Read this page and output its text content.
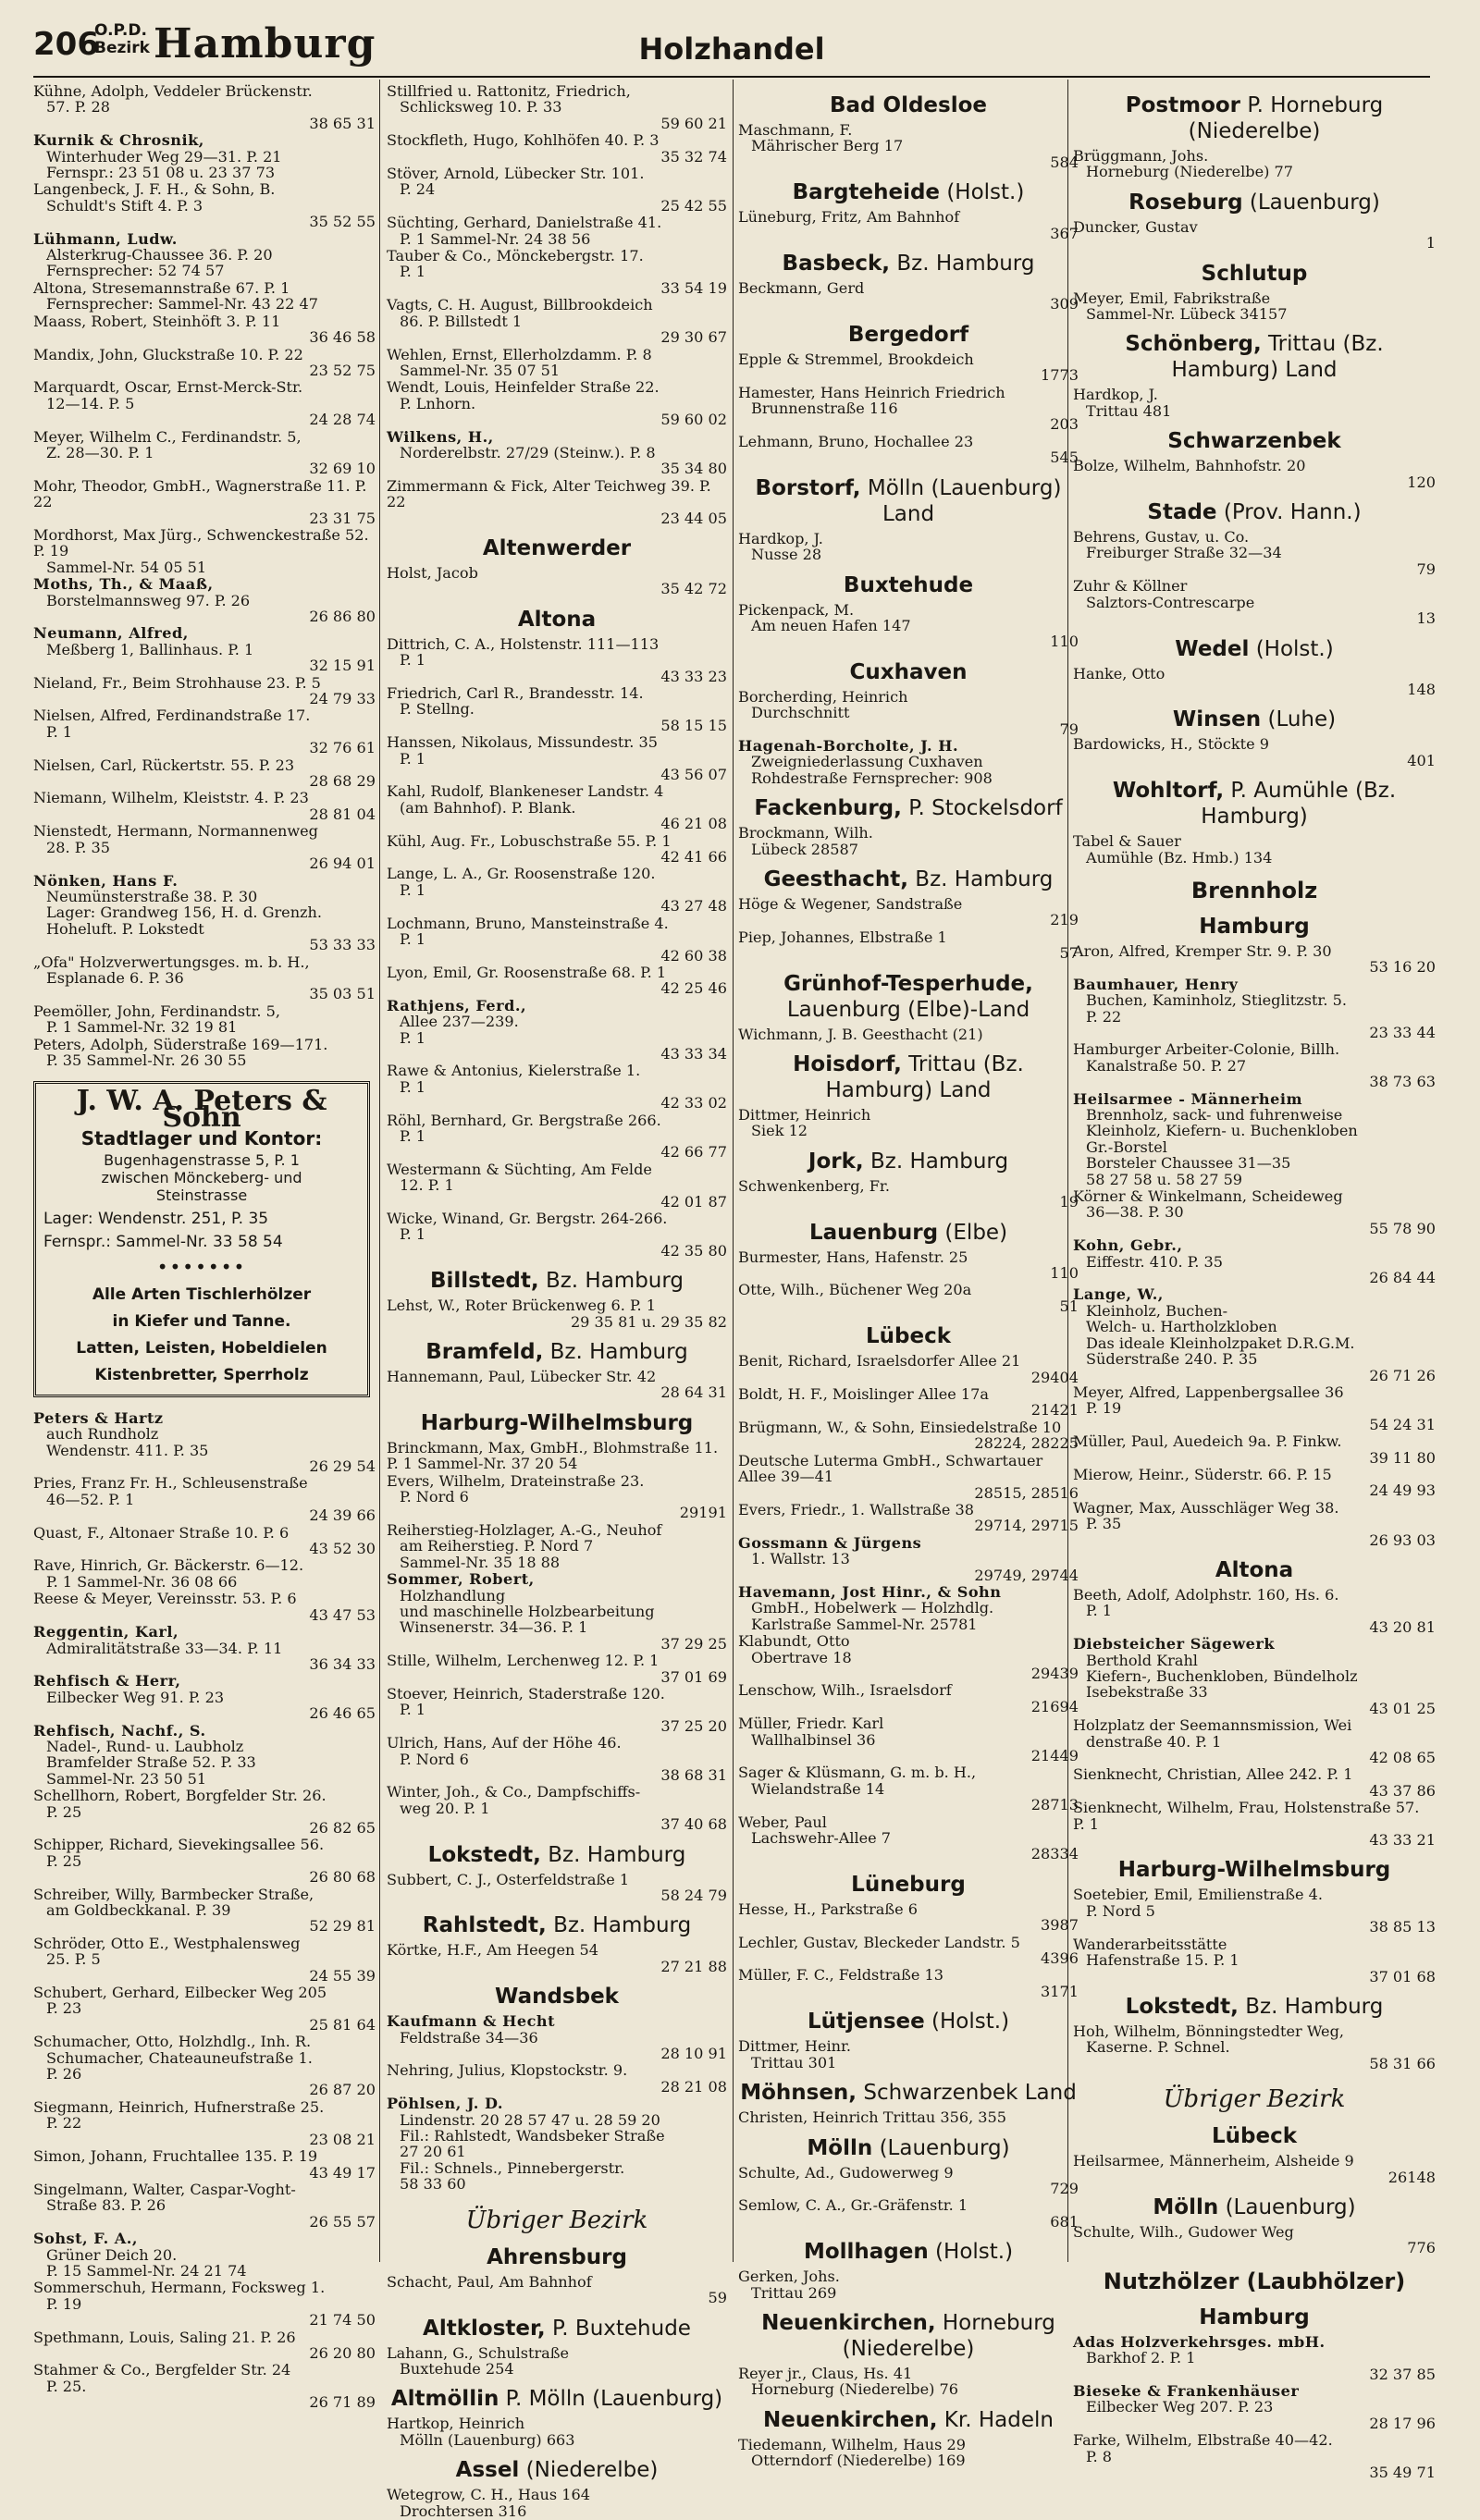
206
O.P.D.
Bezirk Hamburg	Holzhandel
Kühne, Adolph, Veddeler Brückenstr.
57. P. 28
38 65 31
Kurnik & Chrosnik,
Winterhuder Weg 29—31. P. 21
Fernspr.: 23 51 08 u. 23 37 73
Langenbeck, J. F. H., & Sohn, B.
Schuldt's Stift 4. P. 3
35 52 55
Lühmann, Ludw.
Alsterkrug-Chaussee 36. P. 20
Fernsprecher: 52 74 57
Altona, Stresemannstraße 67. P. 1
Fernsprecher: Sammel-Nr. 43 22 47
Maass, Robert, Steinhöft 3. P. 11
36 46 58
Mandix, John, Gluckstraße 10. P. 22
23 52 75
Marquardt, Oscar, Ernst-Merck-Str.
12—14. P. 5
24 28 74
Meyer, Wilhelm C., Ferdinandstr. 5,
Z. 28—30. P. 1
32 69 10
Mohr, Theodor, GmbH., Wagnerstraße 11. P. 22
23 31 75
Mordhorst, Max Jürg., Schwenckestraße 52. P. 19
Sammel-Nr. 54 05 51
Moths, Th., & Maaß,
Borstelmannsweg 97. P. 26
26 86 80
Neumann, Alfred,
Meßberg 1, Ballinhaus. P. 1
32 15 91
Nieland, Fr., Beim Strohhause 23. P. 5
24 79 33
Nielsen, Alfred, Ferdinandstraße 17.
P. 1
32 76 61
Nielsen, Carl, Rückertstr. 55. P. 23
28 68 29
Niemann, Wilhelm, Kleiststr. 4. P. 23
28 81 04
Nienstedt, Hermann, Normannenweg
28. P. 35
26 94 01
Nönken, Hans F.
Neumünsterstraße 38. P. 30
Lager: Grandweg 156, H. d. Grenzh.
Hoheluft. P. Lokstedt
53 33 33
„Ofa" Holzverwertungsges. m. b. H.,
Esplanade 6. P. 36
35 03 51
Peemöller, John, Ferdinandstr. 5,
P. 1 Sammel-Nr. 32 19 81
Peters, Adolph, Süderstraße 169—171.
P. 35 Sammel-Nr. 26 30 55
J. W. A. Peters & Sohn
Stadtlager und Kontor:
Bugenhagenstrasse 5, P. 1
zwischen Mönckeberg- und
Steinstrasse
Lager: Wendenstr. 251, P. 35
Fernspr.: Sammel-Nr. 33 58 54
•••••••
Alle Arten Tischlerhölzer
in Kiefer und Tanne.
Latten, Leisten, Hobeldielen
Kistenbretter, Sperrholz
Peters & Hartz
auch Rundholz
Wendenstr. 411. P. 35
26 29 54
Pries, Franz Fr. H., Schleusenstraße
46—52. P. 1
24 39 66
Quast, F., Altonaer Straße 10. P. 6
43 52 30
Rave, Hinrich, Gr. Bäckerstr. 6—12.
P. 1 Sammel-Nr. 36 08 66
Reese & Meyer, Vereinsstr. 53. P. 6
43 47 53
Reggentin, Karl,
Admiralitätstraße 33—34. P. 11
36 34 33
Rehfisch & Herr,
Eilbecker Weg 91. P. 23
26 46 65
Rehfisch, Nachf., S.
Nadel-, Rund- u. Laubholz
Bramfelder Straße 52. P. 33
Sammel-Nr. 23 50 51
Schellhorn, Robert, Borgfelder Str. 26.
P. 25
26 82 65
Schipper, Richard, Sievekingsallee 56.
P. 25
26 80 68
Schreiber, Willy, Barmbecker Straße,
am Goldbeckkanal. P. 39
52 29 81
Schröder, Otto E., Westphalensweg
25. P. 5
24 55 39
Schubert, Gerhard, Eilbecker Weg 205
P. 23
25 81 64
Schumacher, Otto, Holzhdlg., Inh. R.
Schumacher, Chateauneufstraße 1.
P. 26
26 87 20
Siegmann, Heinrich, Hufnerstraße 25.
P. 22
23 08 21
Simon, Johann, Fruchtallee 135. P. 19
43 49 17
Singelmann, Walter, Caspar-Voght-
Straße 83. P. 26
26 55 57
Sohst, F. A.,
Grüner Deich 20.
P. 15 Sammel-Nr. 24 21 74
Sommerschuh, Hermann, Focksweg 1.
P. 19
21 74 50
Spethmann, Louis, Saling 21. P. 26
26 20 80
Stahmer & Co., Bergfelder Str. 24
P. 25.
26 71 89
Stillfried u. Rattonitz, Friedrich,
Schlicksweg 10. P. 33
59 60 21
Stockfleth, Hugo, Kohlhöfen 40. P. 3
35 32 74
Stöver, Arnold, Lübecker Str. 101.
P. 24
25 42 55
Süchting, Gerhard, Danielstraße 41.
P. 1 Sammel-Nr. 24 38 56
Tauber & Co., Mönckebergstr. 17.
P. 1
33 54 19
Vagts, C. H. August, Billbrookdeich
86. P. Billstedt 1
29 30 67
Wehlen, Ernst, Ellerholzdamm. P. 8
Sammel-Nr. 35 07 51
Wendt, Louis, Heinfelder Straße 22.
P. Lnhorn.
59 60 02
Wilkens, H.,
Norderelbstr. 27/29 (Steinw.). P. 8
35 34 80
Zimmermann & Fick, Alter Teichweg 39. P. 22
23 44 05
Altenwerder
Holst, Jacob
35 42 72
Altona
Dittrich, C. A., Holstenstr. 111—113
P. 1
43 33 23
Friedrich, Carl R., Brandesstr. 14.
P. Stellng.
58 15 15
Hanssen, Nikolaus, Missundestr. 35
P. 1
43 56 07
Kahl, Rudolf, Blankeneser Landstr. 4
(am Bahnhof). P. Blank.
46 21 08
Kühl, Aug. Fr., Lobuschstraße 55. P. 1
42 41 66
Lange, L. A., Gr. Roosenstraße 120.
P. 1
43 27 48
Lochmann, Bruno, Mansteinstraße 4.
P. 1
42 60 38
Lyon, Emil, Gr. Roosenstraße 68. P. 1
42 25 46
Rathjens, Ferd.,
Allee 237—239.
P. 1
43 33 34
Rawe & Antonius, Kielerstraße 1.
P. 1
42 33 02
Röhl, Bernhard, Gr. Bergstraße 266.
P. 1
42 66 77
Westermann & Süchting, Am Felde
12. P. 1
42 01 87
Wicke, Winand, Gr. Bergstr. 264-266.
P. 1
42 35 80
Billstedt, Bz. Hamburg
Lehst, W., Roter Brückenweg 6. P. 1
29 35 81 u. 29 35 82
Bramfeld, Bz. Hamburg
Hannemann, Paul, Lübecker Str. 42
28 64 31
Harburg-Wilhelmsburg
Brinckmann, Max, GmbH., Blohmstraße 11. P. 1 Sammel-Nr. 37 20 54
Evers, Wilhelm, Drateinstraße 23.
P. Nord 6
29191
Reiherstieg-Holzlager, A.-G., Neuhof
am Reiherstieg. P. Nord 7
Sammel-Nr. 35 18 88
Sommer, Robert,
Holzhandlung
und maschinelle Holzbearbeitung
Winsenerstr. 34—36. P. 1
37 29 25
Stille, Wilhelm, Lerchenweg 12. P. 1
37 01 69
Stoever, Heinrich, Staderstraße 120.
P. 1
37 25 20
Ulrich, Hans, Auf der Höhe 46.
P. Nord 6
38 68 31
Winter, Joh., & Co., Dampfschiffs-
weg 20. P. 1
37 40 68
Lokstedt, Bz. Hamburg
Subbert, C. J., Osterfeldstraße 1
58 24 79
Rahlstedt, Bz. Hamburg
Körtke, H.F., Am Heegen 54
27 21 88
Wandsbek
Kaufmann & Hecht
Feldstraße 34—36
28 10 91
Nehring, Julius, Klopstockstr. 9.
28 21 08
Pöhlsen, J. D.
Lindenstr. 20 28 57 47 u. 28 59 20
Fil.: Rahlstedt, Wandsbeker Straße
27 20 61
Fil.: Schnels., Pinnebergerstr.
58 33 60
Übriger Bezirk
Ahrensburg
Schacht, Paul, Am Bahnhof
59
Altkloster, P. Buxtehude
Lahann, G., Schulstraße
Buxtehude 254
Altmöllin P. Mölln (Lauenburg)
Hartkop, Heinrich
Mölln (Lauenburg) 663
Assel (Niederelbe)
Wetegrow, C. H., Haus 164
Drochtersen 316
Bad Oldesloe
Maschmann, F.
Mährischer Berg 17
584
Bargteheide (Holst.)
Lüneburg, Fritz, Am Bahnhof
367
Basbeck, Bz. Hamburg
Beckmann, Gerd
309
Bergedorf
Epple & Stremmel, Brookdeich
1773
Hamester, Hans Heinrich Friedrich
Brunnenstraße 116
203
Lehmann, Bruno, Hochallee 23
545
Borstorf, Mölln (Lauenburg) Land
Hardkop, J.
Nusse 28
Buxtehude
Pickenpack, M.
Am neuen Hafen 147
110
Cuxhaven
Borcherding, Heinrich
Durchschnitt
79
Hagenah-Borcholte, J. H.
Zweigniederlassung Cuxhaven
Rohdestraße Fernsprecher: 908
Fackenburg, P. Stockelsdorf
Brockmann, Wilh.
Lübeck 28587
Geesthacht, Bz. Hamburg
Höge & Wegener, Sandstraße
219
Piep, Johannes, Elbstraße 1
57
Grünhof-Tesperhude, Lauenburg (Elbe)-Land
Wichmann, J. B. Geesthacht (21)
Hoisdorf, Trittau (Bz. Hamburg) Land
Dittmer, Heinrich
Siek 12
Jork, Bz. Hamburg
Schwenkenberg, Fr.
19
Lauenburg (Elbe)
Burmester, Hans, Hafenstr. 25
110
Otte, Wilh., Büchener Weg 20a
51
Lübeck
Benit, Richard, Israelsdorfer Allee 21
29404
Boldt, H. F., Moislinger Allee 17a
21421
Brügmann, W., & Sohn, Einsiedelstraße 10
28224, 28225
Deutsche Luterma GmbH., Schwartauer Allee 39—41
28515, 28516
Evers, Friedr., 1. Wallstraße 38
29714, 29715
Gossmann & Jürgens
1. Wallstr. 13
29749, 29744
Havemann, Jost Hinr., & Sohn
GmbH., Hobelwerk — Holzhdlg.
Karlstraße Sammel-Nr. 25781
Klabundt, Otto
Obertrave 18
29439
Lenschow, Wilh., Israelsdorf
21694
Müller, Friedr. Karl
Wallhalbinsel 36
21449
Sager & Klüsmann, G. m. b. H.,
Wielandstraße 14
28713
Weber, Paul
Lachswehr-Allee 7
28334
Lüneburg
Hesse, H., Parkstraße 6
3987
Lechler, Gustav, Bleckeder Landstr. 5
4396
Müller, F. C., Feldstraße 13
3171
Lütjensee (Holst.)
Dittmer, Heinr.
Trittau 301
Möhnsen, Schwarzenbek Land
Christen, Heinrich Trittau 356, 355
Mölln (Lauenburg)
Schulte, Ad., Gudowerweg 9
729
Semlow, C. A., Gr.-Gräfenstr. 1
681
Mollhagen (Holst.)
Gerken, Johs.
Trittau 269
Neuenkirchen, Horneburg (Niederelbe)
Reyer jr., Claus, Hs. 41
Horneburg (Niederelbe) 76
Neuenkirchen, Kr. Hadeln
Tiedemann, Wilhelm, Haus 29
Otterndorf (Niederelbe) 169
Postmoor P. Horneburg (Niederelbe)
Brüggmann, Johs.
Horneburg (Niederelbe) 77
Roseburg (Lauenburg)
Duncker, Gustav
1
Schlutup
Meyer, Emil, Fabrikstraße
Sammel-Nr. Lübeck 34157
Schönberg, Trittau (Bz. Hamburg) Land
Hardkop, J.
Trittau 481
Schwarzenbek
Bolze, Wilhelm, Bahnhofstr. 20
120
Stade (Prov. Hann.)
Behrens, Gustav, u. Co.
Freiburger Straße 32—34
79
Zuhr & Köllner
Salztors-Contrescarpe
13
Wedel (Holst.)
Hanke, Otto
148
Winsen (Luhe)
Bardowicks, H., Stöckte 9
401
Wohltorf, P. Aumühle (Bz. Hamburg)
Tabel & Sauer
Aumühle (Bz. Hmb.) 134
Brennholz
Hamburg
Aron, Alfred, Kremper Str. 9. P. 30
53 16 20
Baumhauer, Henry
Buchen, Kaminholz, Stieglitzstr. 5.
P. 22
23 33 44
Hamburger Arbeiter-Colonie, Billh.
Kanalstraße 50. P. 27
38 73 63
Heilsarmee - Männerheim
Brennholz, sack- und fuhrenweise
Kleinholz, Kiefern- u. Buchenkloben
Gr.-Borstel
Borsteler Chaussee 31—35
58 27 58 u. 58 27 59
Körner & Winkelmann, Scheideweg
36—38. P. 30
55 78 90
Kohn, Gebr.,
Eiffestr. 410. P. 35
26 84 44
Lange, W.,
Kleinholz, Buchen-
Welch- u. Hartholzkloben
Das ideale Kleinholzpaket D.R.G.M.
Süderstraße 240. P. 35
26 71 26
Meyer, Alfred, Lappenbergsallee 36
P. 19
54 24 31
Müller, Paul, Auedeich 9a. P. Finkw.
39 11 80
Mierow, Heinr., Süderstr. 66. P. 15
24 49 93
Wagner, Max, Ausschläger Weg 38.
P. 35
26 93 03
Altona
Beeth, Adolf, Adolphstr. 160, Hs. 6.
P. 1
43 20 81
Diebsteicher Sägewerk
Berthold Krahl
Kiefern-, Buchenkloben, Bündelholz
Isebekstraße 33
43 01 25
Holzplatz der Seemannsmission, Wei
denstraße 40. P. 1
42 08 65
Sienknecht, Christian, Allee 242. P. 1
43 37 86
Sienknecht, Wilhelm, Frau, Holstenstraße 57. P. 1
43 33 21
Harburg-Wilhelmsburg
Soetebier, Emil, Emilienstraße 4.
P. Nord 5
38 85 13
Wanderarbeitsstätte
Hafenstraße 15. P. 1
37 01 68
Lokstedt, Bz. Hamburg
Hoh, Wilhelm, Bönningstedter Weg,
Kaserne. P. Schnel.
58 31 66
Übriger Bezirk
Lübeck
Heilsarmee, Männerheim, Alsheide 9
26148
Mölln (Lauenburg)
Schulte, Wilh., Gudower Weg
776
Nutzhölzer (Laubhölzer)
Hamburg
Adas Holzverkehrsges. mbH.
Barkhof 2. P. 1
32 37 85
Bieseke & Frankenhäuser
Eilbecker Weg 207. P. 23
28 17 96
Farke, Wilhelm, Elbstraße 40—42.
P. 8
35 49 71
